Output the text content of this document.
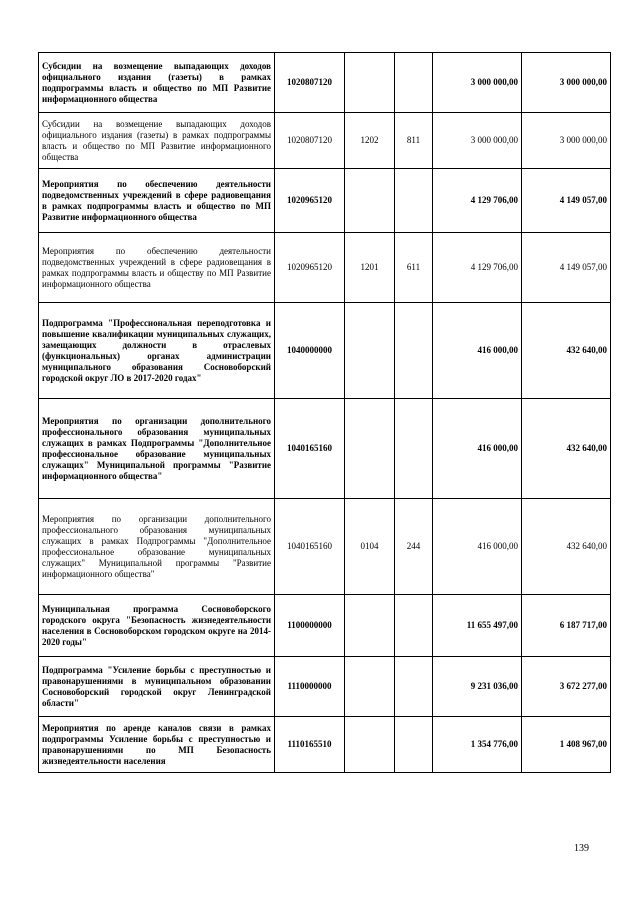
Субсидии на возмещение выпадающих доходов официального издания (газеты) в рамках подпрограммы власть и общество по МП Развитие информационного общества	1020807120			3 000 000,00	3 000 000,00
Субсидии на возмещение выпадающих доходов официального издания (газеты) в рамках подпрограммы власть и общество по МП Развитие информационного общества	1020807120	1202	811	3 000 000,00	3 000 000,00
Мероприятия по обеспечению деятельности подведомственных учреждений в сфере радиовещания в рамках подпрограммы власть и общество по МП Развитие информационного общества	1020965120			4 129 706,00	4 149 057,00
Мероприятия по обеспечению деятельности подведомственных учреждений в сфере радиовещания в рамках подпрограммы власть и обществу по МП Развитие информационного общества	1020965120	1201	611	4 129 706,00	4 149 057,00
Подпрограмма "Профессиональная переподготовка и повышение квалификации муниципальных служащих, замещающих должности в отраслевых (функциональных) органах администрации муниципального образования Сосновоборский городской округ ЛО в 2017-2020 годах"	1040000000			416 000,00	432 640,00
Мероприятия по организации дополнительного профессионального образования муниципальных служащих в рамках Подпрограммы "Дополнительное профессиональное образование муниципальных служащих" Муниципальной программы "Развитие информационного общества"	1040165160			416 000,00	432 640,00
Мероприятия по организации дополнительного профессионального образования муниципальных служащих в рамках Подпрограммы "Дополнительное профессиональное образование муниципальных служащих" Муниципальной программы "Развитие информационного общества"	1040165160	0104	244	416 000,00	432 640,00
Муниципальная программа Сосновоборского городского округа "Безопасность жизнедеятельности населения в Сосновоборском городском округе на 2014-2020 годы"	1100000000			11 655 497,00	6 187 717,00
Подпрограмма "Усиление борьбы с преступностью и правонарушениями в муниципальном образовании Сосновоборский городской округ Ленинградской области"	1110000000			9 231 036,00	3 672 277,00
Мероприятия по аренде каналов связи в рамках подпрограммы Усиление борьбы с преступностью и правонарушениями по МП Безопасность жизнедеятельности населения	1110165510			1 354 776,00	1 408 967,00
139
